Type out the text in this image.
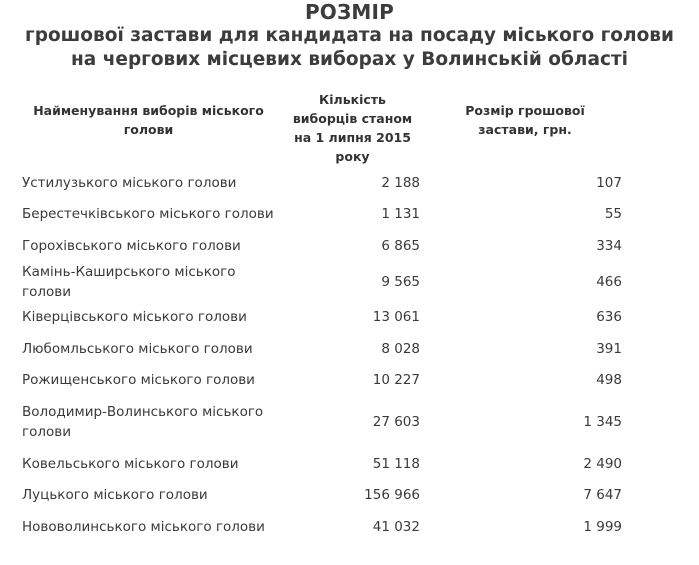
РОЗМІР
грошової застави для кандидата на посаду міського голови
на чергових місцевих виборах у Волинській області
Найменування виборів міського голови	Кількість виборців станом на 1 липня 2015 року	Розмір грошової застави, грн.
Устилузького міського голови	2 188	107
Берестечківського міського голови	1 131	55
Горохівського міського голови	6 865	334
Камінь-Каширського міського голови	9 565	466
Ківерцівського міського голови	13 061	636
Любомльського міського голови	8 028	391
Рожищенського міського голови	10 227	498
Володимир-Волинського міського голови	27 603	1 345
Ковельського міського голови	51 118	2 490
Луцького міського голови	156 966	7 647
Нововолинського міського голови	41 032	1 999
